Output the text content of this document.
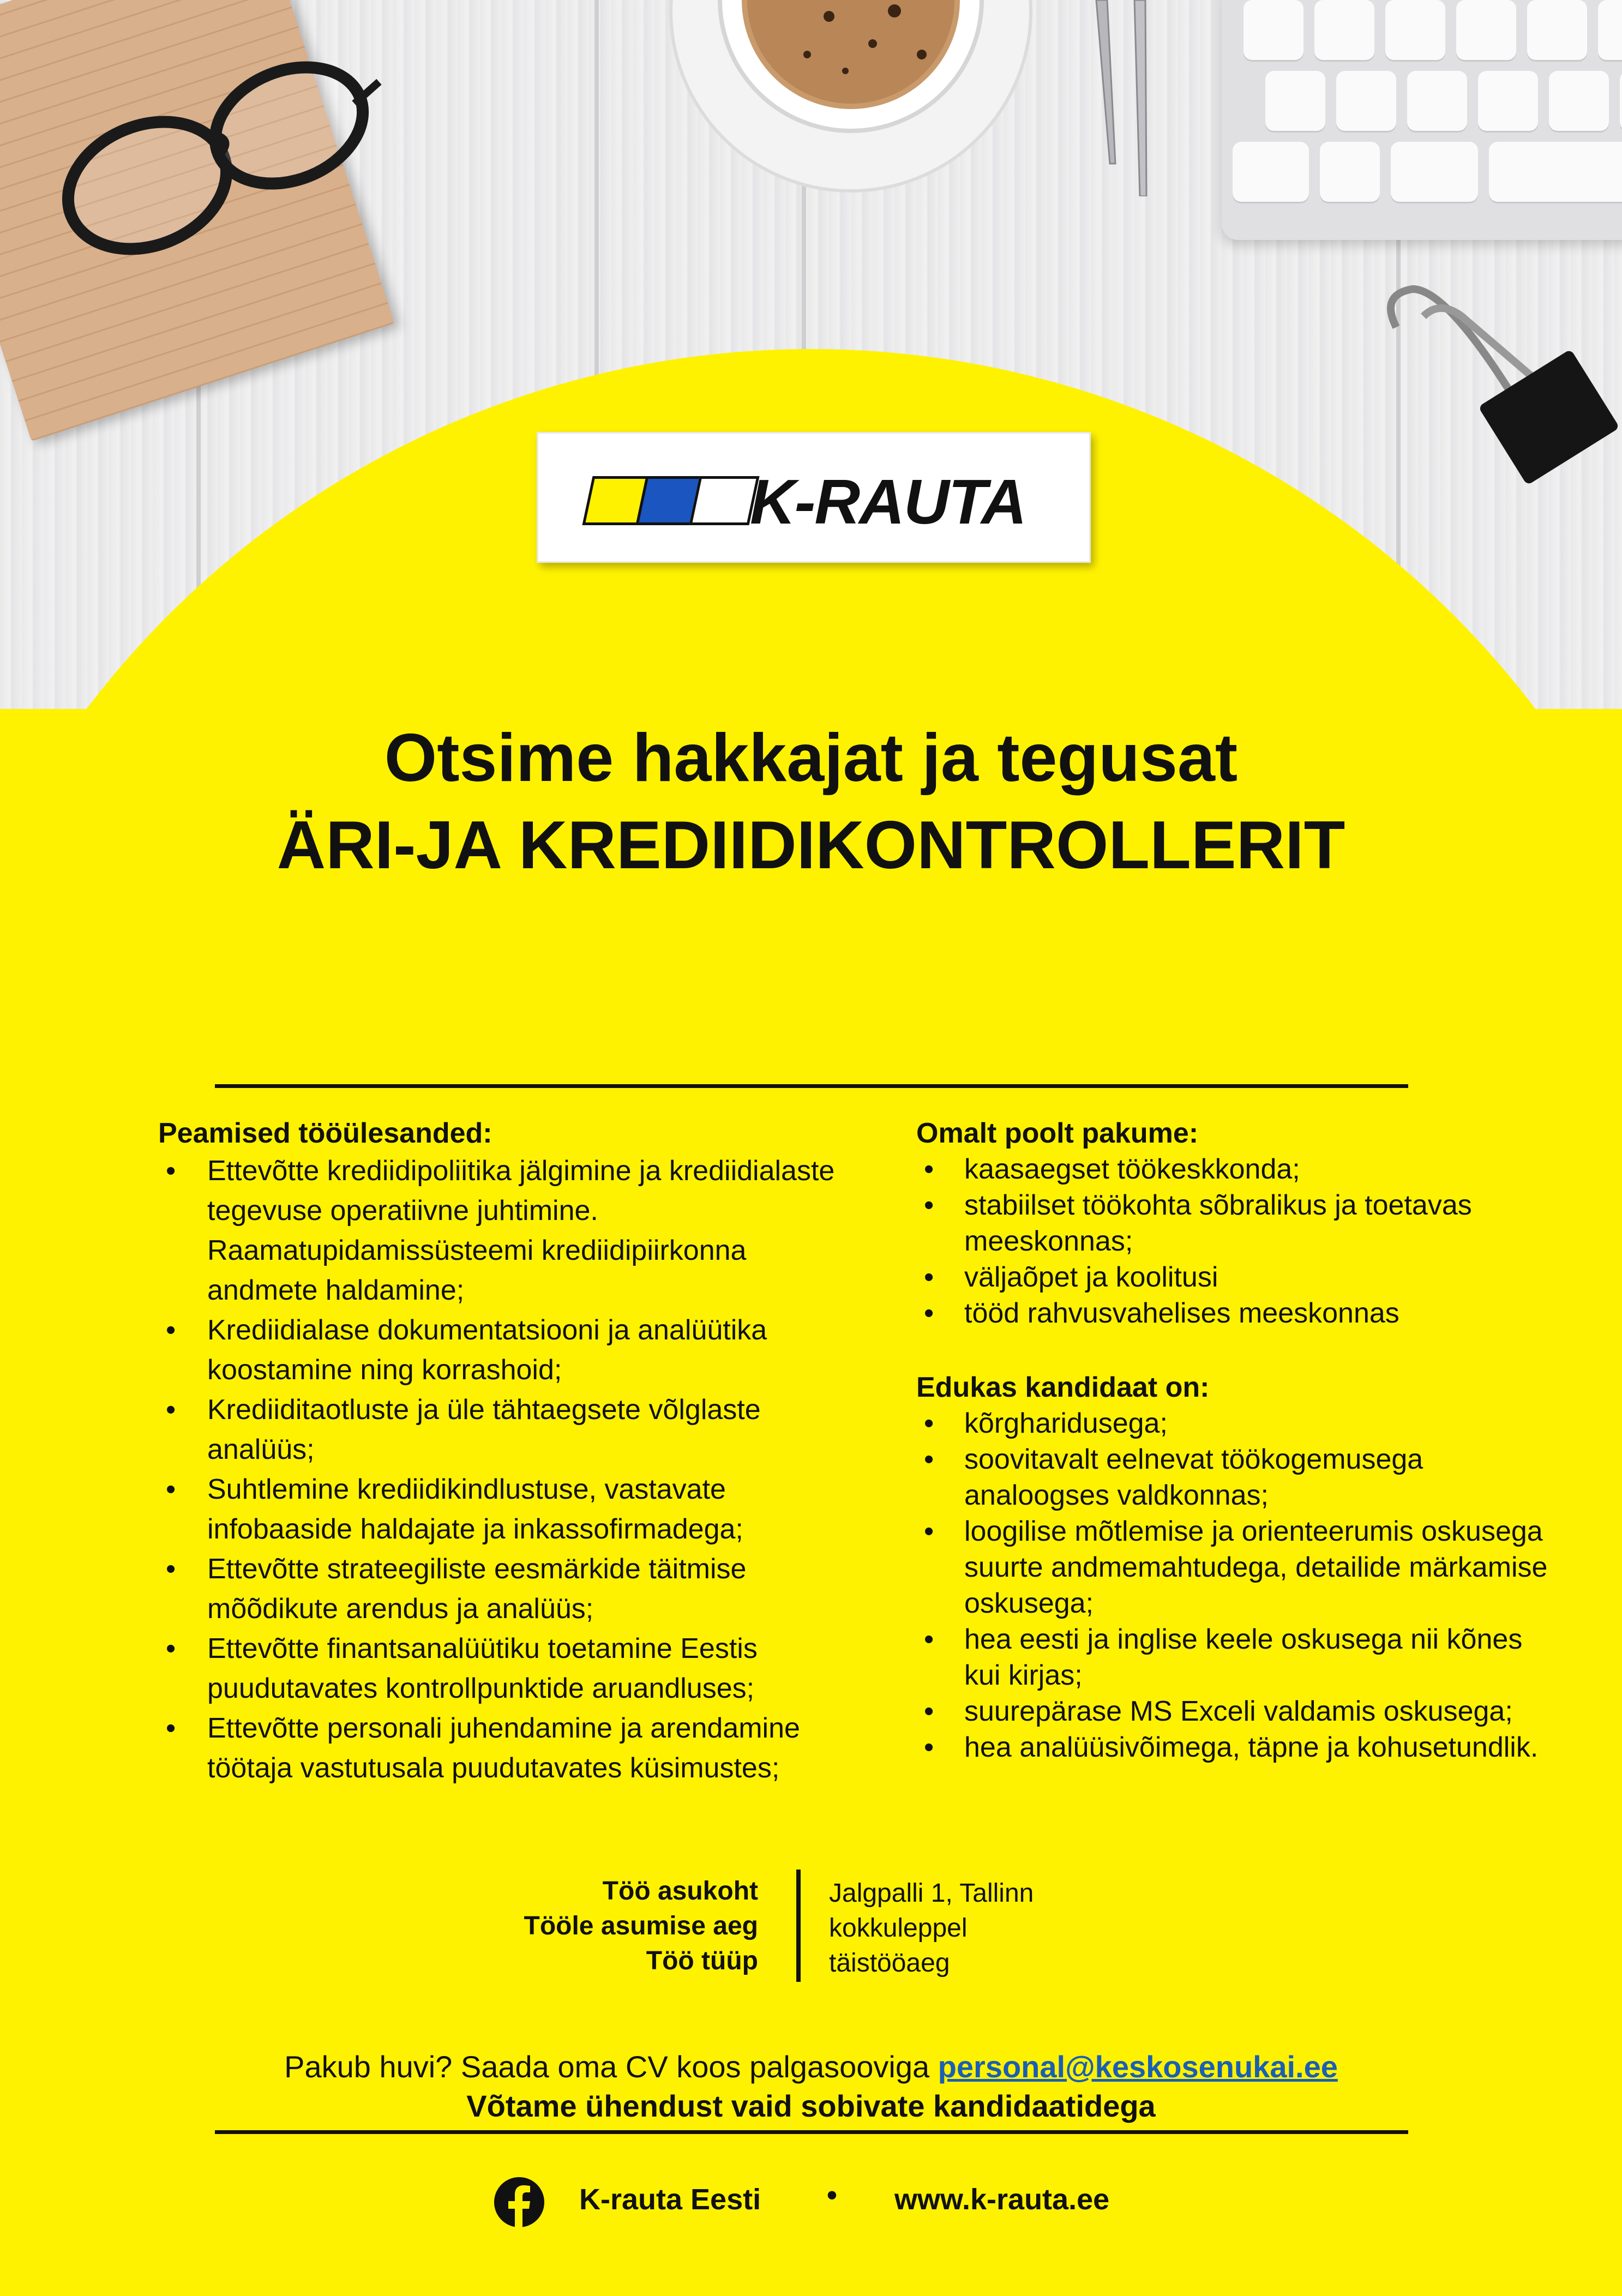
K-RAUTA
Otsime hakkajat ja tegusat
ÄRI-JA KREDIIDIKONTROLLERIT
Peamised tööülesanded:
• Ettevõtte krediidipoliitika jälgimine ja krediidialaste tegevuse operatiivne juhtimine. Raamatupidamissüsteemi krediidipiirkonna andmete haldamine;
• Krediidialase dokumentatsiooni ja analüütika koostamine ning korrashoid;
• Krediiditaotluste ja üle tähtaegsete võlglaste analüüs;
• Suhtlemine krediidikindlustuse, vastavate infobaaside haldajate ja inkassofirmadega;
• Ettevõtte strateegiliste eesmärkide täitmise mõõdikute arendus ja analüüs;
• Ettevõtte finantsanalüütiku toetamine Eestis puudutavates kontrollpunktide aruandluses;
• Ettevõtte personali juhendamine ja arendamine töötaja vastutusala puudutavates küsimustes;
Omalt poolt pakume:
• kaasaegset töökeskkonda;
• stabiilset töökohta sõbralikus ja toetavas meeskonnas;
• väljaõpet ja koolitusi
• tööd rahvusvahelises meeskonnas
Edukas kandidaat on:
• kõrgharidusega;
• soovitavalt eelnevat töökogemusega analoogses valdkonnas;
• loogilise mõtlemise ja orienteerumis oskusega suurte andmemahtudega, detailide märkamise oskusega;
• hea eesti ja inglise keele oskusega nii kõnes kui kirjas;
• suurepärase MS Exceli valdamis oskusega;
• hea analüüsivõimega, täpne ja kohusetundlik.
Töö asukoht
Tööle asumise aeg
Töö tüüp
Jalgpalli 1, Tallinn
kokkuleppel
täistööaeg
Pakub huvi? Saada oma CV koos palgasooviga personal@keskosenukai.ee
Võtame ühendust vaid sobivate kandidaatidega
K-rauta Eesti • www.k-rauta.ee
